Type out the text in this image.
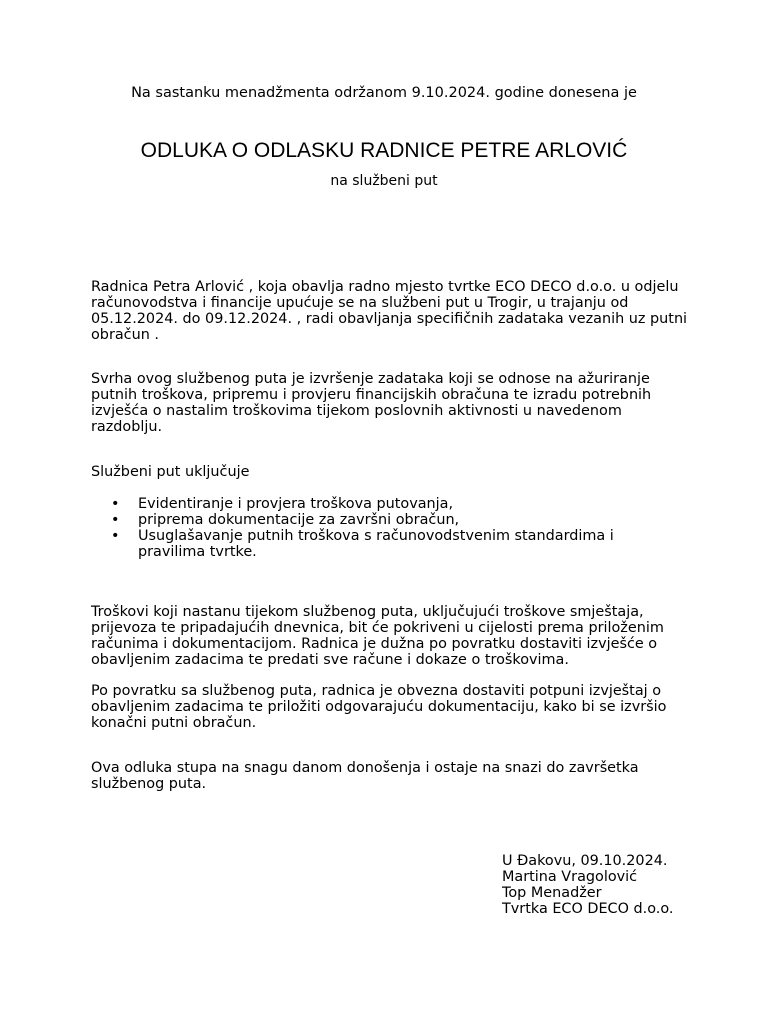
Na sastanku menadžmenta održanom 9.10.2024. godine donesena je
ODLUKA O ODLASKU RADNICE PETRE ARLOVIĆ
na službeni put
Radnica Petra Arlović , koja obavlja radno mjesto tvrtke ECO DECO d.o.o. u odjelu računovodstva i financije upućuje se na službeni put u Trogir, u trajanju od 05.12.2024. do 09.12.2024. , radi obavljanja specifičnih zadataka vezanih uz putni obračun .
Svrha ovog službenog puta je izvršenje zadataka koji se odnose na ažuriranje putnih troškova, pripremu i provjeru financijskih obračuna te izradu potrebnih izvješća o nastalim troškovima tijekom poslovnih aktivnosti u navedenom razdoblju.
Službeni put uključuje
• Evidentiranje i provjera troškova putovanja,
• priprema dokumentacije za završni obračun,
• Usuglašavanje putnih troškova s računovodstvenim standardima i pravilima tvrtke.
Troškovi koji nastanu tijekom službenog puta, uključujući troškove smještaja, prijevoza te pripadajućih dnevnica, bit će pokriveni u cijelosti prema priloženim računima i dokumentacijom. Radnica je dužna po povratku dostaviti izvješće o obavljenim zadacima te predati sve račune i dokaze o troškovima.
Po povratku sa službenog puta, radnica je obvezna dostaviti potpuni izvještaj o obavljenim zadacima te priložiti odgovarajuću dokumentaciju, kako bi se izvršio konačni putni obračun.
Ova odluka stupa na snagu danom donošenja i ostaje na snazi do završetka službenog puta.
U Đakovu, 09.10.2024.
Martina Vragolović
Top Menadžer
Tvrtka ECO DECO d.o.o.
